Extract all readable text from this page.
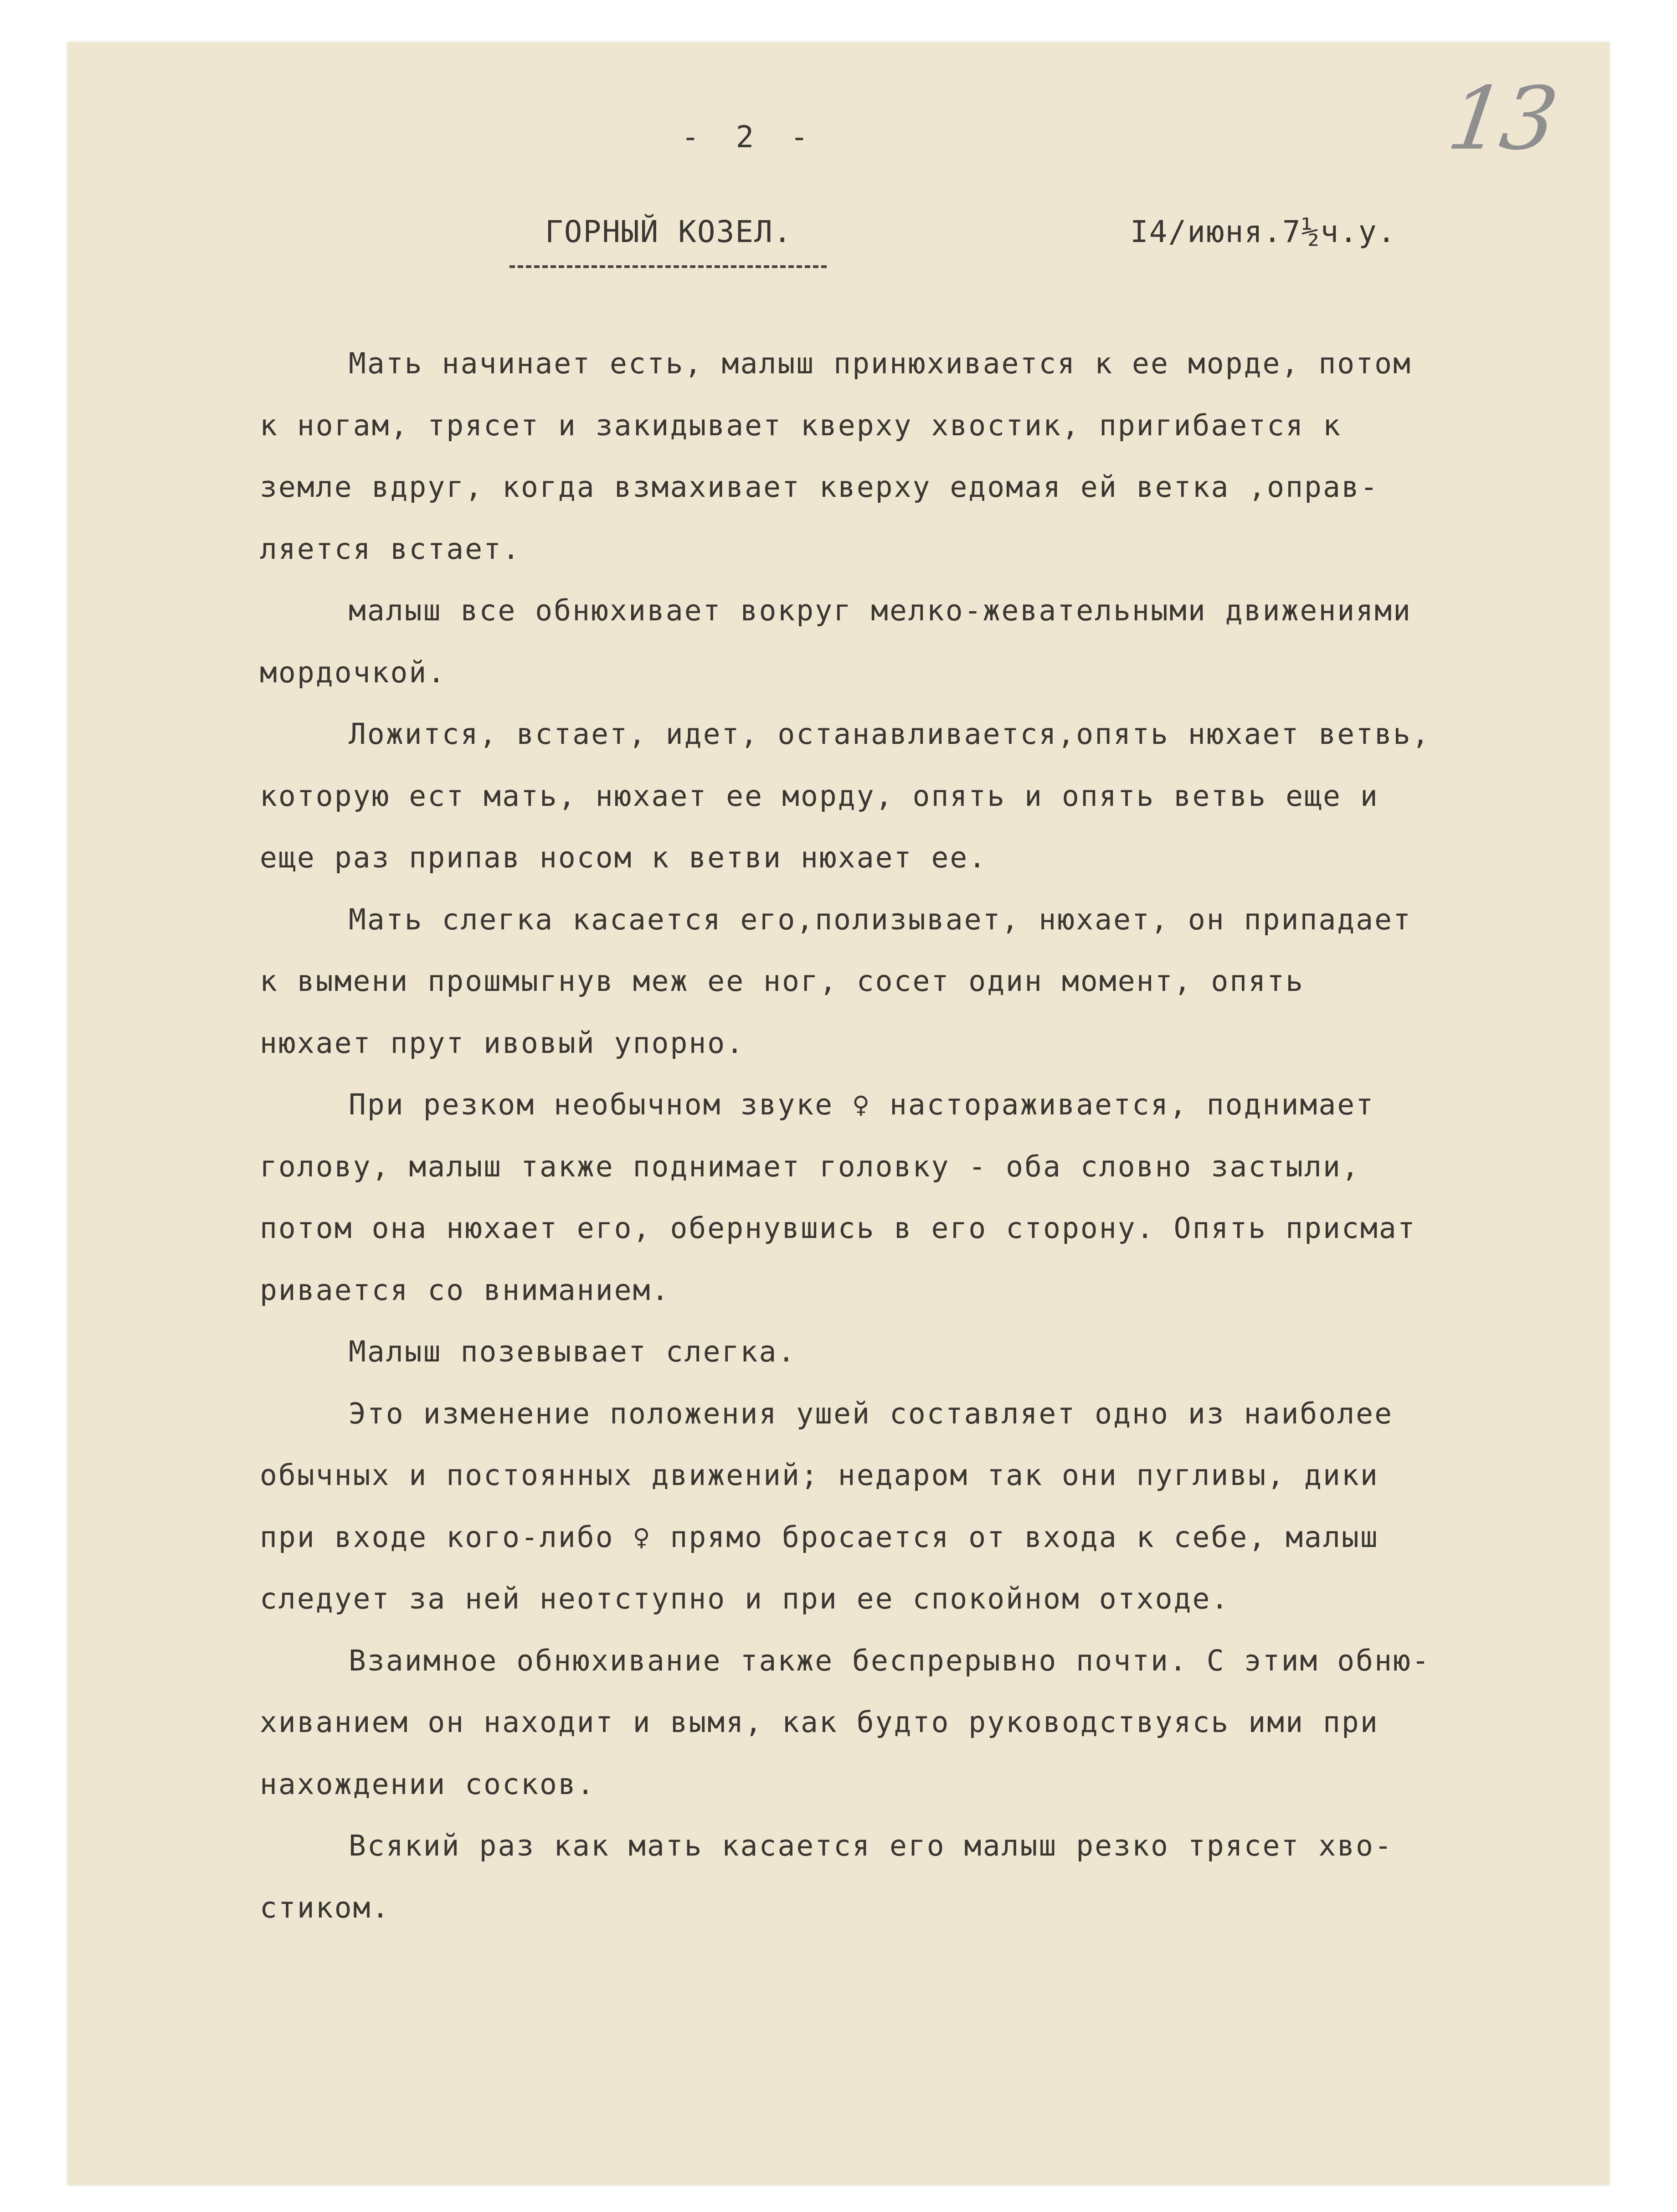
13
- 2 -
ГОРНЫЙ КОЗЕЛ.	I4/июня.7½ч.у.
Мать начинает есть, малыш принюхивается к ее морде, потом
к ногам, трясет и закидывает кверху хвостик, пригибается к
земле вдруг, когда взмахивает кверху едомая ей ветка ,оправ-
ляется встает.
малыш все обнюхивает вокруг мелко-жевательными движениями
мордочкой.
Ложится, встает, идет, останавливается,опять нюхает ветвь,
которую ест мать, нюхает ее морду, опять и опять ветвь еще и
еще раз припав носом к ветви нюхает ее.
Мать слегка касается его,полизывает, нюхает, он припадает
к вымени прошмыгнув меж ее ног, сосет один момент, опять
нюхает прут ивовый упорно.
При резком необычном звуке ♀ настораживается, поднимает
голову, малыш также поднимает головку - оба словно застыли,
потом она нюхает его, обернувшись в его сторону. Опять присмат
ривается со вниманием.
Малыш позевывает слегка.
Это изменение положения ушей составляет одно из наиболее
обычных и постоянных движений; недаром так они пугливы, дики
при входе кого-либо ♀ прямо бросается от входа к себе, малыш
следует за ней неотступно и при ее спокойном отходе.
Взаимное обнюхивание также беспрерывно почти. С этим обню-
хиванием он находит и вымя, как будто руководствуясь ими при
нахождении сосков.
Всякий раз как мать касается его малыш резко трясет хво-
стиком.
